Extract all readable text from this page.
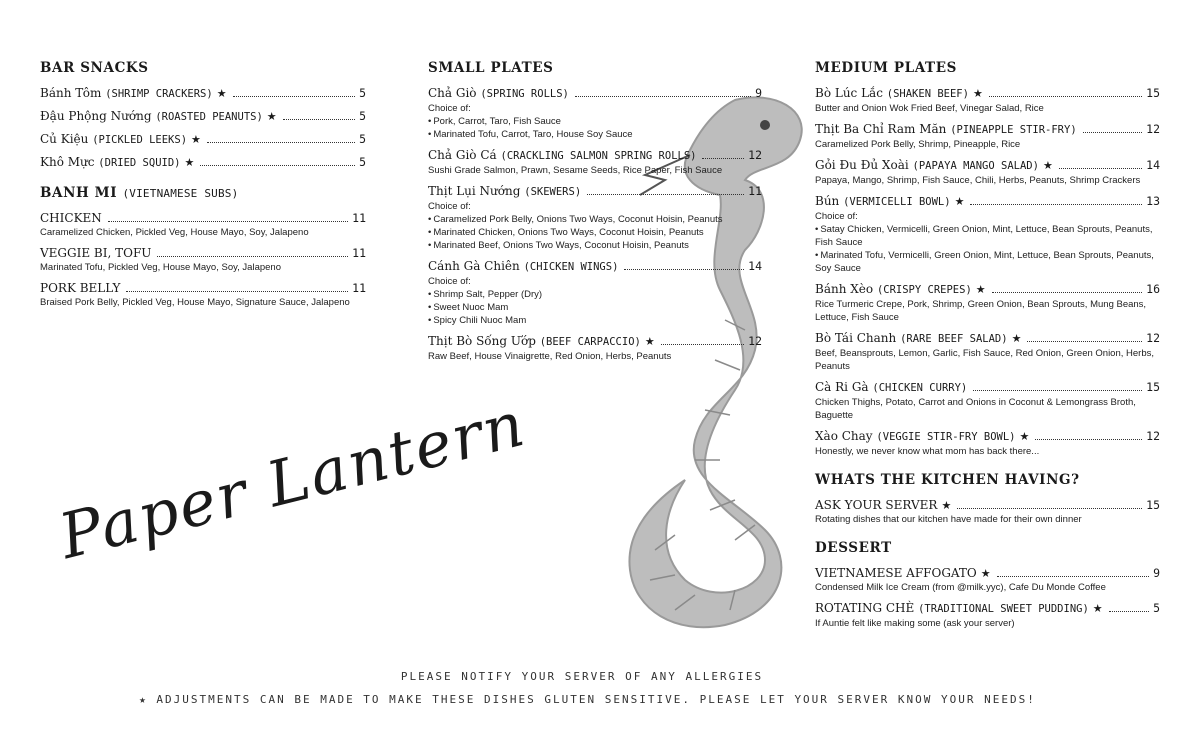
BAR SNACKS
Bánh Tôm (SHRIMP CRACKERS) ★	5
Đậu Phộng Nướng (ROASTED PEANUTS) ★	5
Củ Kiệu (PICKLED LEEKS) ★	5
Khô Mực (DRIED SQUID) ★	5
BANH MI (VIETNAMESE SUBS)
CHICKEN	11
Caramelized Chicken, Pickled Veg, House Mayo, Soy, Jalapeno
VEGGIE BI, TOFU	11
Marinated Tofu, Pickled Veg, House Mayo, Soy, Jalapeno
PORK BELLY	11
Braised Pork Belly, Pickled Veg, House Mayo, Signature Sauce, Jalapeno
SMALL PLATES
Chả Giò (SPRING ROLLS)	9
Choice of:
• Pork, Carrot, Taro, Fish Sauce
• Marinated Tofu, Carrot, Taro, House Soy Sauce
Chả Giò Cá (CRACKLING SALMON SPRING ROLLS)	12
Sushi Grade Salmon, Prawn, Sesame Seeds, Rice Paper, Fish Sauce
Thịt Lụi Nướng (SKEWERS)	11
Choice of:
• Caramelized Pork Belly, Onions Two Ways, Coconut Hoisin, Peanuts
• Marinated Chicken, Onions Two Ways, Coconut Hoisin, Peanuts
• Marinated Beef, Onions Two Ways, Coconut Hoisin, Peanuts
Cánh Gà Chiên (CHICKEN WINGS)	14
Choice of:
• Shrimp Salt, Pepper (Dry)
• Sweet Nuoc Mam
• Spicy Chili Nuoc Mam
Thịt Bò Sống Ướp (BEEF CARPACCIO) ★	12
Raw Beef, House Vinaigrette, Red Onion, Herbs, Peanuts
MEDIUM PLATES
Bò Lúc Lắc (SHAKEN BEEF) ★	15
Butter and Onion Wok Fried Beef, Vinegar Salad, Rice
Thịt Ba Chỉ Ram Măn (PINEAPPLE STIR-FRY)	12
Caramelized Pork Belly, Shrimp, Pineapple, Rice
Gỏi Đu Đủ Xoài (PAPAYA MANGO SALAD) ★	14
Papaya, Mango, Shrimp, Fish Sauce, Chili, Herbs, Peanuts, Shrimp Crackers
Bún (VERMICELLI BOWL) ★	13
Choice of:
• Satay Chicken, Vermicelli, Green Onion, Mint, Lettuce, Bean Sprouts, Peanuts, Fish Sauce
• Marinated Tofu, Vermicelli, Green Onion, Mint, Lettuce, Bean Sprouts, Peanuts, Soy Sauce
Bánh Xèo (CRISPY CREPES) ★	16
Rice Turmeric Crepe, Pork, Shrimp, Green Onion, Bean Sprouts, Mung Beans, Lettuce, Fish Sauce
Bò Tái Chanh (RARE BEEF SALAD) ★	12
Beef, Beansprouts, Lemon, Garlic, Fish Sauce, Red Onion, Green Onion, Herbs, Peanuts
Cà Ri Gà (CHICKEN CURRY)	15
Chicken Thighs, Potato, Carrot and Onions in Coconut & Lemongrass Broth, Baguette
Xào Chay (VEGGIE STIR-FRY BOWL) ★	12
Honestly, we never know what mom has back there...
WHATS THE KITCHEN HAVING?
ASK YOUR SERVER ★	15
Rotating dishes that our kitchen have made for their own dinner
DESSERT
VIETNAMESE AFFOGATO ★	9
Condensed Milk Ice Cream (from @milk.yyc), Cafe Du Monde Coffee
ROTATING CHÈ (TRADITIONAL SWEET PUDDING) ★	5
If Auntie felt like making some (ask your server)
Paper Lantern
PLEASE NOTIFY YOUR SERVER OF ANY ALLERGIES
★ ADJUSTMENTS CAN BE MADE TO MAKE THESE DISHES GLUTEN SENSITIVE. PLEASE LET YOUR SERVER KNOW YOUR NEEDS!
